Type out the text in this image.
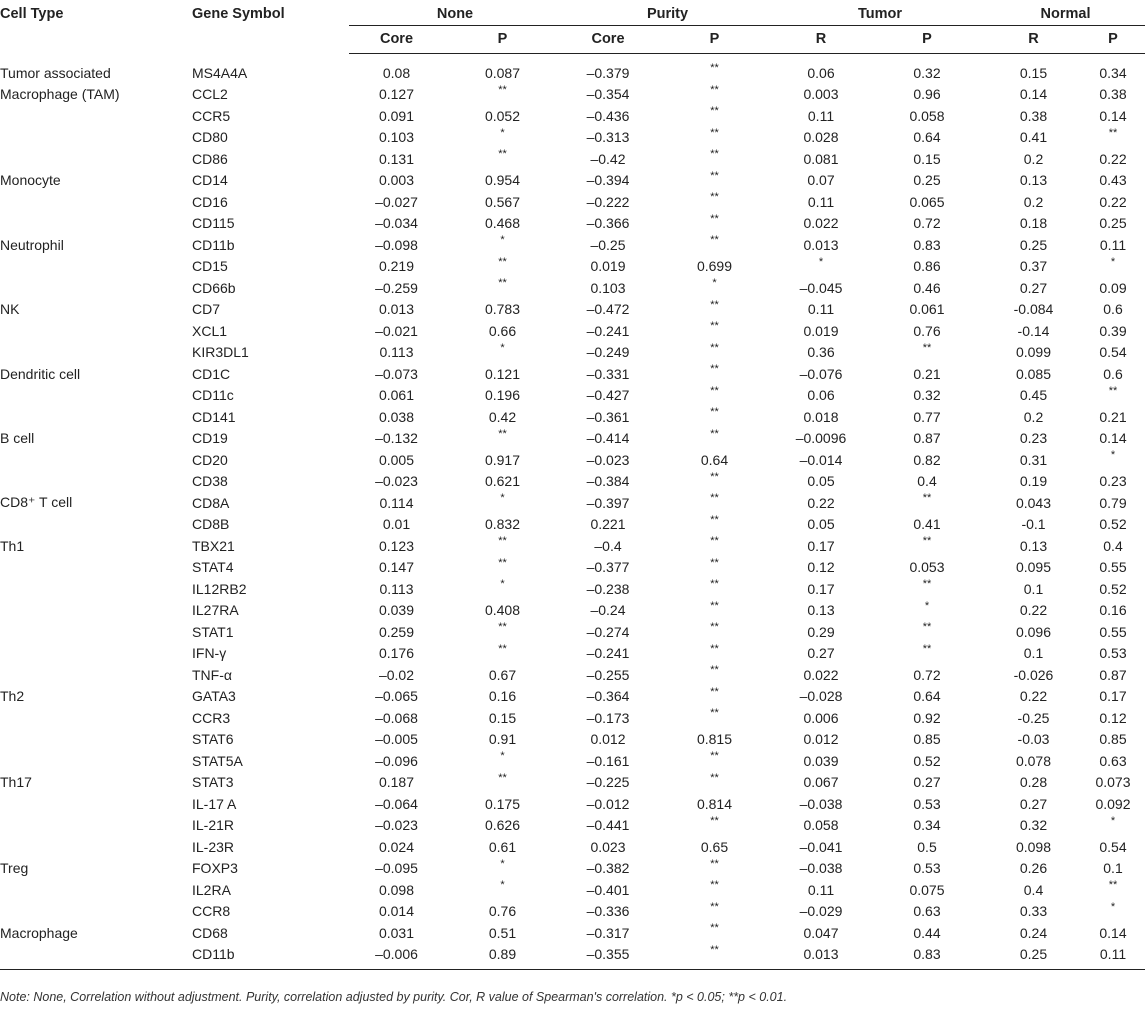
Cell Type	Gene Symbol	None		Purity		Tumor		Normal	

		Core	P	Core	P	R	P	R	P
Tumor associated	MS4A4A	0.08	0.087	–0.379	**	0.06	0.32	0.15	0.34
Macrophage (TAM)	CCL2	0.127	**	–0.354	**	0.003	0.96	0.14	0.38
	CCR5	0.091	0.052	–0.436	**	0.11	0.058	0.38	0.14
	CD80	0.103	*	–0.313	**	0.028	0.64	0.41	**
	CD86	0.131	**	–0.42	**	0.081	0.15	0.2	0.22
Monocyte	CD14	0.003	0.954	–0.394	**	0.07	0.25	0.13	0.43
	CD16	–0.027	0.567	–0.222	**	0.11	0.065	0.2	0.22
	CD115	–0.034	0.468	–0.366	**	0.022	0.72	0.18	0.25
Neutrophil	CD11b	–0.098	*	–0.25	**	0.013	0.83	0.25	0.11
	CD15	0.219	**	0.019	0.699	*	0.86	0.37	*
	CD66b	–0.259	**	0.103	*	–0.045	0.46	0.27	0.09
NK	CD7	0.013	0.783	–0.472	**	0.11	0.061	-0.084	0.6
	XCL1	–0.021	0.66	–0.241	**	0.019	0.76	-0.14	0.39
	KIR3DL1	0.113	*	–0.249	**	0.36	**	0.099	0.54
Dendritic cell	CD1C	–0.073	0.121	–0.331	**	–0.076	0.21	0.085	0.6
	CD11c	0.061	0.196	–0.427	**	0.06	0.32	0.45	**
	CD141	0.038	0.42	–0.361	**	0.018	0.77	0.2	0.21
B cell	CD19	–0.132	**	–0.414	**	–0.0096	0.87	0.23	0.14
	CD20	0.005	0.917	–0.023	0.64	–0.014	0.82	0.31	*
	CD38	–0.023	0.621	–0.384	**	0.05	0.4	0.19	0.23
CD8⁺ T cell	CD8A	0.114	*	–0.397	**	0.22	**	0.043	0.79
	CD8B	0.01	0.832	0.221	**	0.05	0.41	-0.1	0.52
Th1	TBX21	0.123	**	–0.4	**	0.17	**	0.13	0.4
	STAT4	0.147	**	–0.377	**	0.12	0.053	0.095	0.55
	IL12RB2	0.113	*	–0.238	**	0.17	**	0.1	0.52
	IL27RA	0.039	0.408	–0.24	**	0.13	*	0.22	0.16
	STAT1	0.259	**	–0.274	**	0.29	**	0.096	0.55
	IFN-γ	0.176	**	–0.241	**	0.27	**	0.1	0.53
	TNF-α	–0.02	0.67	–0.255	**	0.022	0.72	-0.026	0.87
Th2	GATA3	–0.065	0.16	–0.364	**	–0.028	0.64	0.22	0.17
	CCR3	–0.068	0.15	–0.173	**	0.006	0.92	-0.25	0.12
	STAT6	–0.005	0.91	0.012	0.815	0.012	0.85	-0.03	0.85
	STAT5A	–0.096	*	–0.161	**	0.039	0.52	0.078	0.63
Th17	STAT3	0.187	**	–0.225	**	0.067	0.27	0.28	0.073
	IL-17 A	–0.064	0.175	–0.012	0.814	–0.038	0.53	0.27	0.092
	IL-21R	–0.023	0.626	–0.441	**	0.058	0.34	0.32	*
	IL-23R	0.024	0.61	0.023	0.65	–0.041	0.5	0.098	0.54
Treg	FOXP3	–0.095	*	–0.382	**	–0.038	0.53	0.26	0.1
	IL2RA	0.098	*	–0.401	**	0.11	0.075	0.4	**
	CCR8	0.014	0.76	–0.336	**	–0.029	0.63	0.33	*
Macrophage	CD68	0.031	0.51	–0.317	**	0.047	0.44	0.24	0.14
	CD11b	–0.006	0.89	–0.355	**	0.013	0.83	0.25	0.11
Note: None, Correlation without adjustment. Purity, correlation adjusted by purity. Cor, R value of Spearman's correlation. *p < 0.05; **p < 0.01.
